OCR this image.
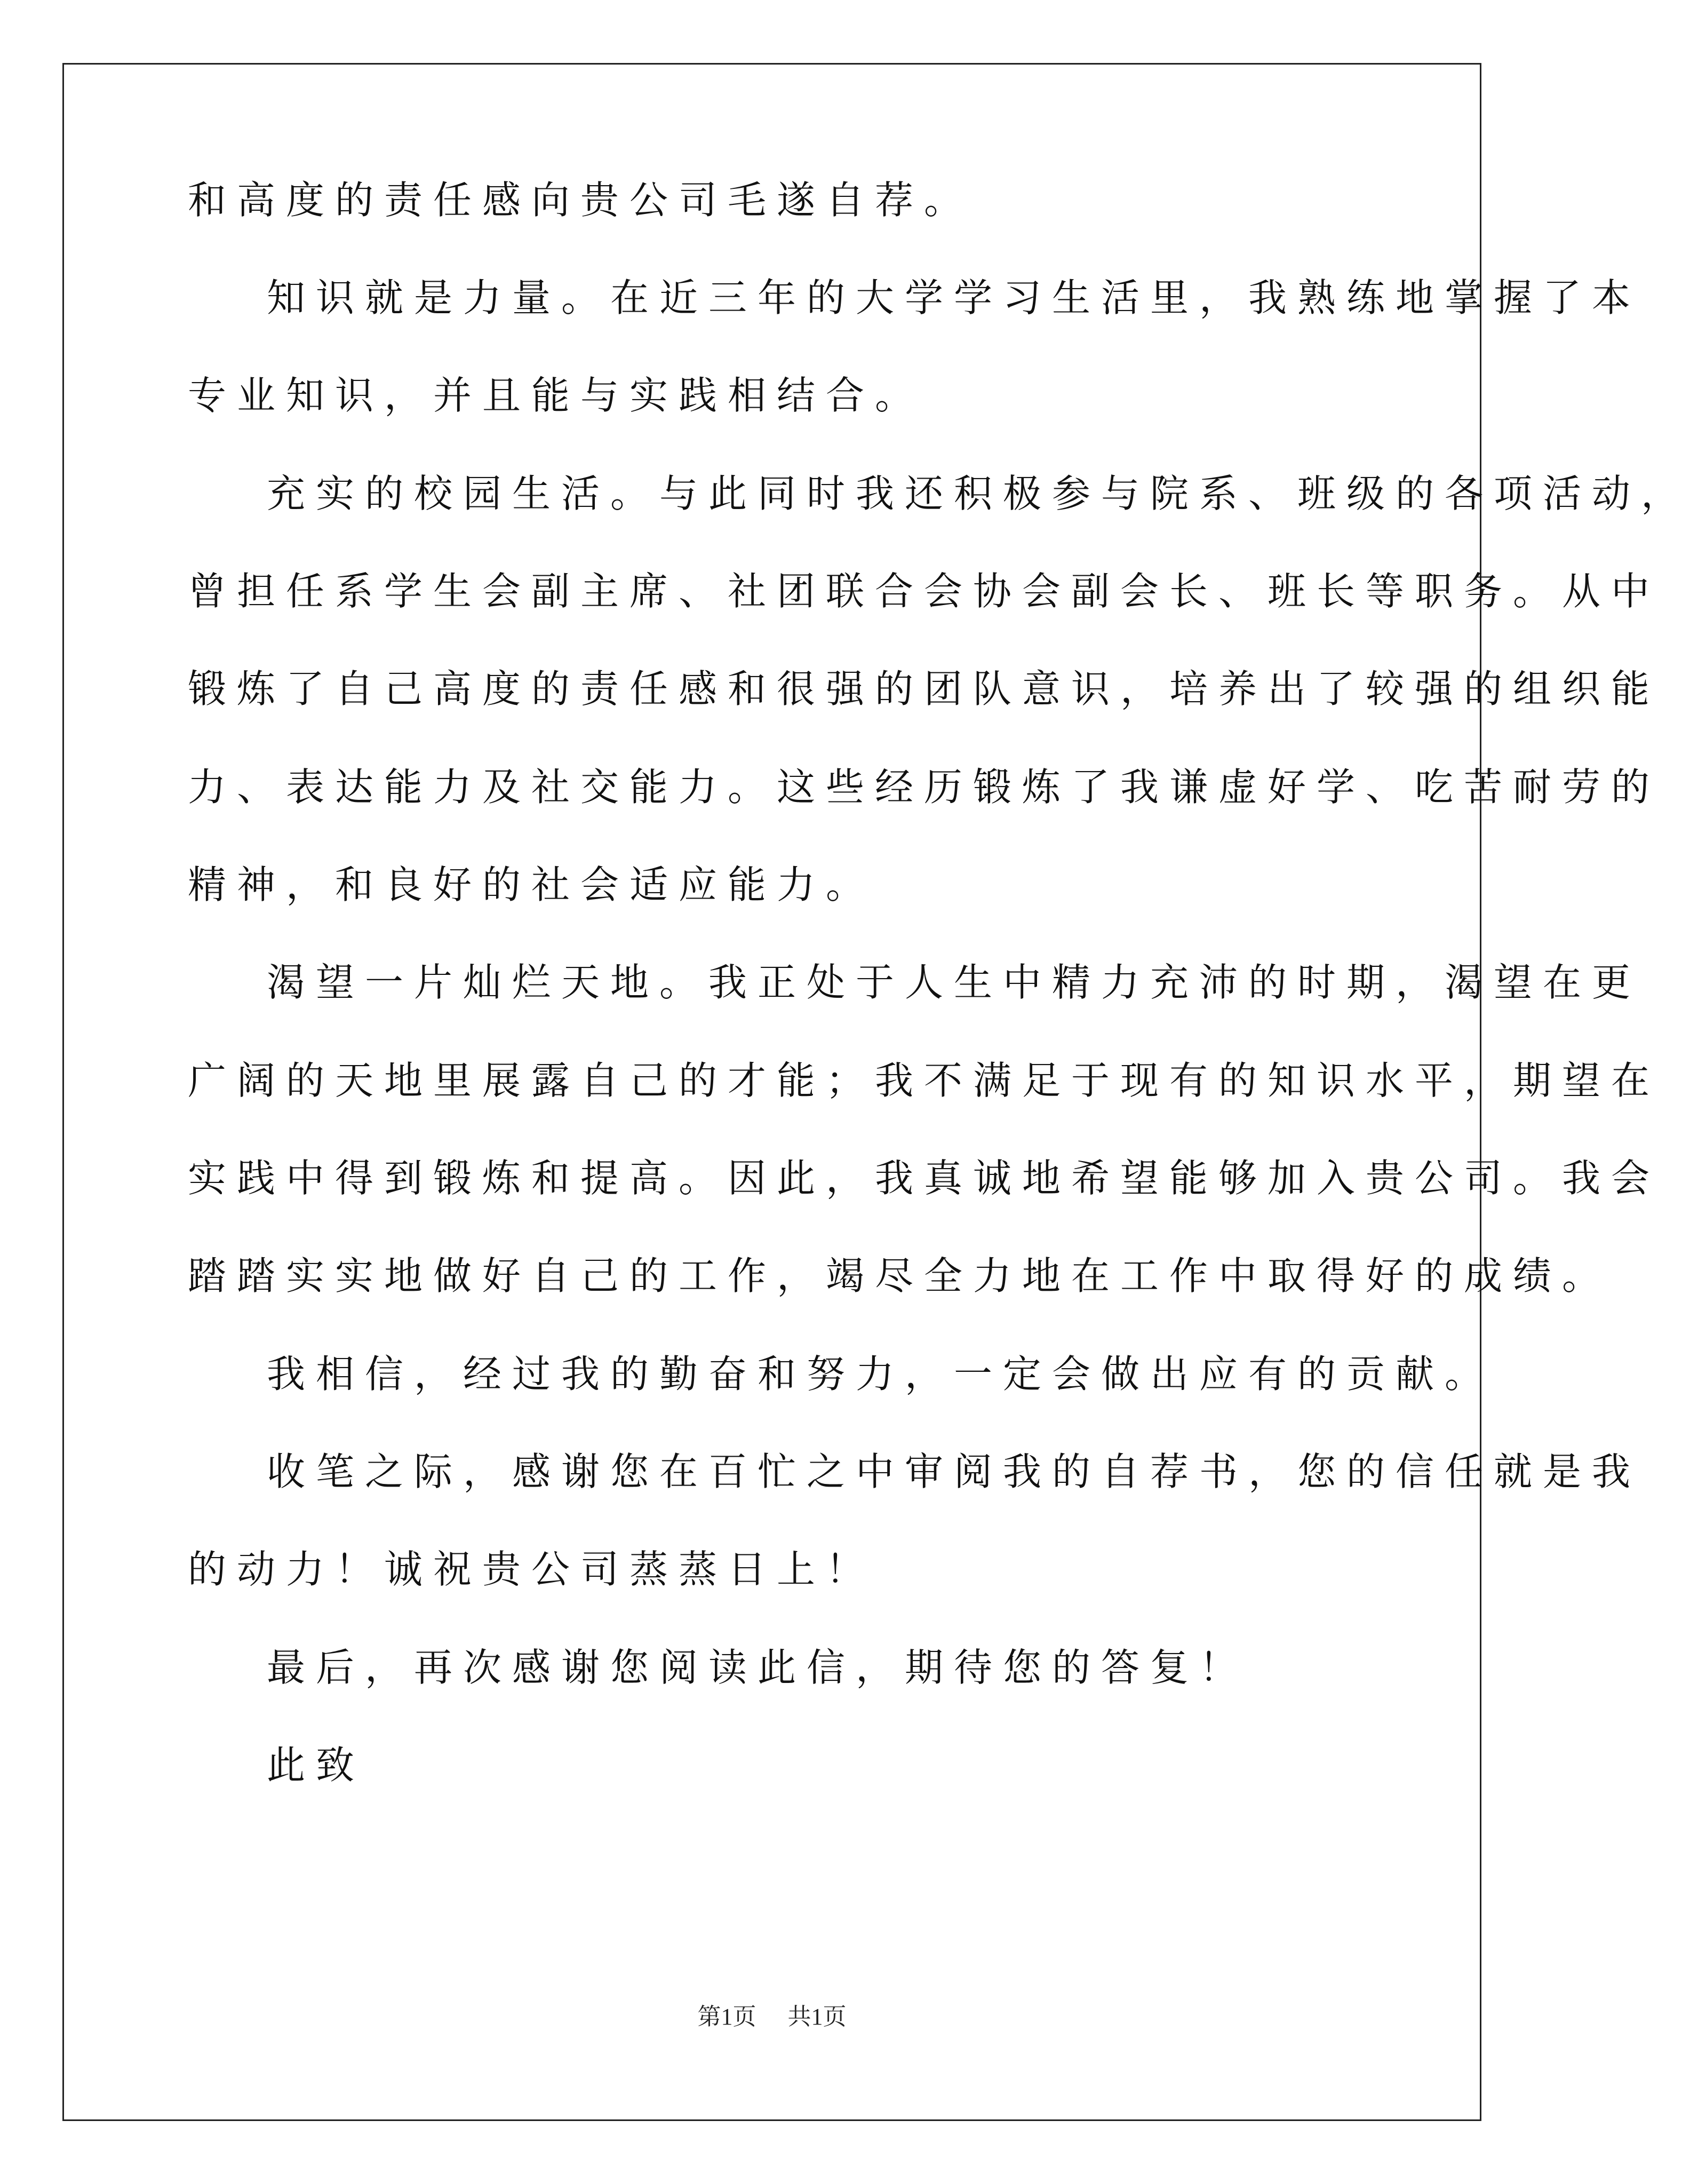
和高度的责任感向贵公司毛遂自荐。

知识就是力量。在近三年的大学学习生活里，我熟练地掌握了本

专业知识，并且能与实践相结合。

充实的校园生活。与此同时我还积极参与院系、班级的各项活动，

曾担任系学生会副主席、社团联合会协会副会长、班长等职务。从中

锻炼了自己高度的责任感和很强的团队意识，培养出了较强的组织能

力、表达能力及社交能力。这些经历锻炼了我谦虚好学、吃苦耐劳的

精神，和良好的社会适应能力。

渴望一片灿烂天地。我正处于人生中精力充沛的时期，渴望在更

广阔的天地里展露自己的才能；我不满足于现有的知识水平，期望在

实践中得到锻炼和提高。因此，我真诚地希望能够加入贵公司。我会

踏踏实实地做好自己的工作，竭尽全力地在工作中取得好的成绩。

我相信，经过我的勤奋和努力，一定会做出应有的贡献。

收笔之际，感谢您在百忙之中审阅我的自荐书，您的信任就是我

的动力！诚祝贵公司蒸蒸日上！

最后，再次感谢您阅读此信，期待您的答复！

此致

第1页 共1页
